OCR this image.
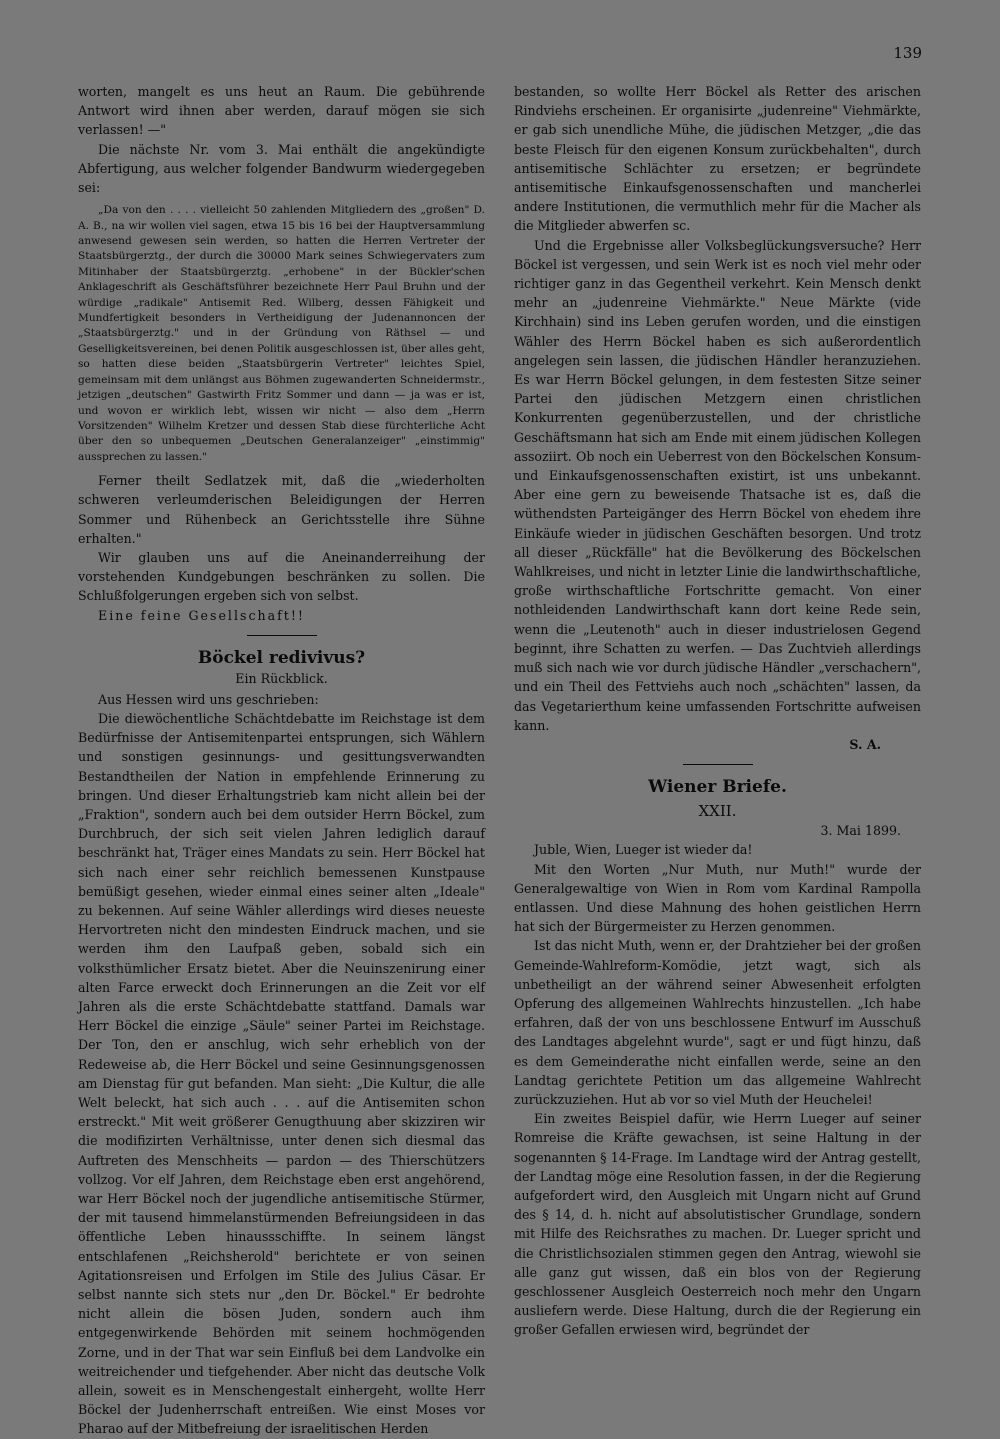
139

worten, mangelt es uns heut an Raum. Die gebührende Antwort wird ihnen aber werden, darauf mögen sie sich verlassen! —"

Die nächste Nr. vom 3. Mai enthält die angekündigte Abfertigung, aus welcher folgender Bandwurm wiedergegeben sei:

„Da von den . . . . vielleicht 50 zahlenden Mitgliedern des „großen" D. A. B., na wir wollen viel sagen, etwa 15 bis 16 bei der Hauptversammlung anwesend gewesen sein werden, so hatten die Herren Vertreter der Staatsbürgerztg., der durch die 30000 Mark seines Schwiegervaters zum Mitinhaber der Staatsbürgerztg. „erhobene" in der Bückler'schen Anklageschrift als Geschäftsführer bezeichnete Herr Paul Bruhn und der würdige „radikale" Antisemit Red. Wilberg, dessen Fähigkeit und Mundfertigkeit besonders in Vertheidigung der Judenannoncen der „Staatsbürgerztg." und in der Gründung von Räthsel — und Geselligkeitsvereinen, bei denen Politik ausgeschlossen ist, über alles geht, so hatten diese beiden „Staatsbürgerin Vertreter" leichtes Spiel, gemeinsam mit dem unlängst aus Böhmen zugewanderten Schneidermstr., jetzigen „deutschen" Gastwirth Fritz Sommer und dann — ja was er ist, und wovon er wirklich lebt, wissen wir nicht — also dem „Herrn Vorsitzenden" Wilhelm Kretzer und dessen Stab diese fürchterliche Acht über den so unbequemen „Deutschen Generalanzeiger" „einstimmig" aussprechen zu lassen."

Ferner theilt Sedlatzek mit, daß die „wiederholten schweren verleumderischen Beleidigungen der Herren Sommer und Rühenbeck an Gerichtsstelle ihre Sühne erhalten."

Wir glauben uns auf die Aneinanderreihung der vorstehenden Kundgebungen beschränken zu sollen. Die Schlußfolgerungen ergeben sich von selbst.

Eine feine Gesellschaft!!

Böckel redivivus?
Ein Rückblick.

Aus Hessen wird uns geschrieben:

Die diewöchentliche Schächtdebatte im Reichstage ist dem Bedürfnisse der Antisemitenpartei entsprungen, sich Wählern und sonstigen gesinnungs- und gesittungsverwandten Bestandtheilen der Nation in empfehlende Erinnerung zu bringen. Und dieser Erhaltungstrieb kam nicht allein bei der „Fraktion", sondern auch bei dem outsider Herrn Böckel, zum Durchbruch, der sich seit vielen Jahren lediglich darauf beschränkt hat, Träger eines Mandats zu sein. Herr Böckel hat sich nach einer sehr reichlich bemessenen Kunstpause bemüßigt gesehen, wieder einmal eines seiner alten „Ideale" zu bekennen. Auf seine Wähler allerdings wird dieses neueste Hervortreten nicht den mindesten Eindruck machen, und sie werden ihm den Laufpaß geben, sobald sich ein volksthümlicher Ersatz bietet. Aber die Neuinszenirung einer alten Farce erweckt doch Erinnerungen an die Zeit vor elf Jahren als die erste Schächtdebatte stattfand. Damals war Herr Böckel die einzige „Säule" seiner Partei im Reichstage. Der Ton, den er anschlug, wich sehr erheblich von der Redeweise ab, die Herr Böckel und seine Gesinnungsgenossen am Dienstag für gut befanden. Man sieht: „Die Kultur, die alle Welt beleckt, hat sich auch . . . auf die Antisemiten schon erstreckt." Mit weit größerer Genugthuung aber skizziren wir die modifizirten Verhältnisse, unter denen sich diesmal das Auftreten des Menschheits — pardon — des Thierschützers vollzog. Vor elf Jahren, dem Reichstage eben erst angehörend, war Herr Böckel noch der jugendliche antisemitische Stürmer, der mit tausend himmelanstürmenden Befreiungsideen in das öffentliche Leben hinaussschiffte. In seinem längst entschlafenen „Reichsherold" berichtete er von seinen Agitationsreisen und Erfolgen im Stile des Julius Cäsar. Er selbst nannte sich stets nur „den Dr. Böckel." Er bedrohte nicht allein die bösen Juden, sondern auch ihm entgegenwirkende Behörden mit seinem hochmögenden Zorne, und in der That war sein Einfluß bei dem Landvolke ein weitreichender und tiefgehender. Aber nicht das deutsche Volk allein, soweit es in Menschengestalt einhergeht, wollte Herr Böckel der Judenherrschaft entreißen. Wie einst Moses vor Pharao auf der Mitbefreiung der israelitischen Herden

bestanden, so wollte Herr Böckel als Retter des arischen Rindviehs erscheinen. Er organisirte „judenreine" Viehmärkte, er gab sich unendliche Mühe, die jüdischen Metzger, „die das beste Fleisch für den eigenen Konsum zurückbehalten", durch antisemitische Schlächter zu ersetzen; er begründete antisemitische Einkaufsgenossenschaften und mancherlei andere Institutionen, die vermuthlich mehr für die Macher als die Mitglieder abwerfen sc.

Und die Ergebnisse aller Volksbeglückungsversuche? Herr Böckel ist vergessen, und sein Werk ist es noch viel mehr oder richtiger ganz in das Gegentheil verkehrt. Kein Mensch denkt mehr an „judenreine Viehmärkte." Neue Märkte (vide Kirchhain) sind ins Leben gerufen worden, und die einstigen Wähler des Herrn Böckel haben es sich außerordentlich angelegen sein lassen, die jüdischen Händler heranzuziehen. Es war Herrn Böckel gelungen, in dem festesten Sitze seiner Partei den jüdischen Metzgern einen christlichen Konkurrenten gegenüberzustellen, und der christliche Geschäftsmann hat sich am Ende mit einem jüdischen Kollegen assoziirt. Ob noch ein Ueberrest von den Böckelschen Konsum- und Einkaufsgenossenschaften existirt, ist uns unbekannt. Aber eine gern zu beweisende Thatsache ist es, daß die wüthendsten Parteigänger des Herrn Böckel von ehedem ihre Einkäufe wieder in jüdischen Geschäften besorgen. Und trotz all dieser „Rückfälle" hat die Bevölkerung des Böckelschen Wahlkreises, und nicht in letzter Linie die landwirthschaftliche, große wirthschaftliche Fortschritte gemacht. Von einer nothleidenden Landwirthschaft kann dort keine Rede sein, wenn die „Leutenoth" auch in dieser industrielosen Gegend beginnt, ihre Schatten zu werfen. — Das Zuchtvieh allerdings muß sich nach wie vor durch jüdische Händler „verschachern", und ein Theil des Fettviehs auch noch „schächten" lassen, da das Vegetarierthum keine umfassenden Fortschritte aufweisen kann.

S. A.
Wiener Briefe.
XXII.
3. Mai 1899.

Juble, Wien, Lueger ist wieder da!

Mit den Worten „Nur Muth, nur Muth!" wurde der Generalgewaltige von Wien in Rom vom Kardinal Rampolla entlassen. Und diese Mahnung des hohen geistlichen Herrn hat sich der Bürgermeister zu Herzen genommen.

Ist das nicht Muth, wenn er, der Drahtzieher bei der großen Gemeinde-Wahlreform-Komödie, jetzt wagt, sich als unbetheiligt an der während seiner Abwesenheit erfolgten Opferung des allgemeinen Wahlrechts hinzustellen. „Ich habe erfahren, daß der von uns beschlossene Entwurf im Ausschuß des Landtages abgelehnt wurde", sagt er und fügt hinzu, daß es dem Gemeinderathe nicht einfallen werde, seine an den Landtag gerichtete Petition um das allgemeine Wahlrecht zurückzuziehen. Hut ab vor so viel Muth der Heuchelei!

Ein zweites Beispiel dafür, wie Herrn Lueger auf seiner Romreise die Kräfte gewachsen, ist seine Haltung in der sogenannten § 14-Frage. Im Landtage wird der Antrag gestellt, der Landtag möge eine Resolution fassen, in der die Regierung aufgefordert wird, den Ausgleich mit Ungarn nicht auf Grund des § 14, d. h. nicht auf absolutistischer Grundlage, sondern mit Hilfe des Reichsrathes zu machen. Dr. Lueger spricht und die Christlichsozialen stimmen gegen den Antrag, wiewohl sie alle ganz gut wissen, daß ein blos von der Regierung geschlossener Ausgleich Oesterreich noch mehr den Ungarn ausliefern werde. Diese Haltung, durch die der Regierung ein großer Gefallen erwiesen wird, begründet der
